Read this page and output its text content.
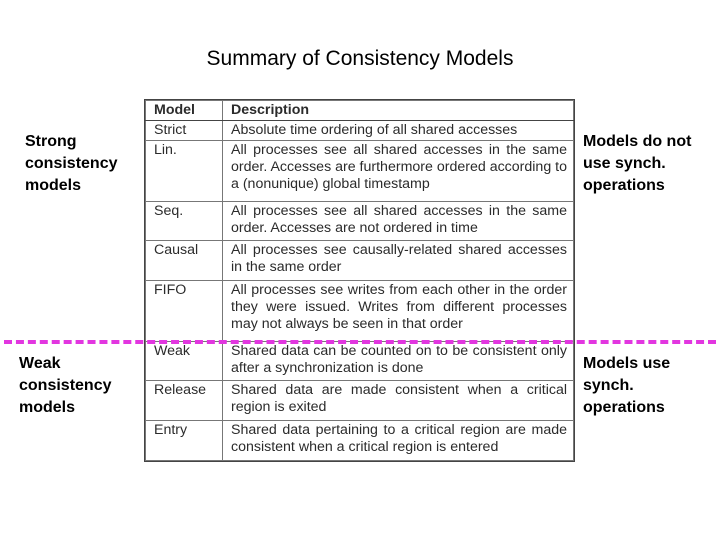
Summary of Consistency Models
Strong
consistency
models
Weak
consistency
models
Models do not
use synch.
operations
Models use
synch.
operations
Model	Description
Strict	Absolute time ordering of all shared accesses
Lin.	All processes see all shared accesses in the same order. Accesses are furthermore ordered according to a (nonunique) global timestamp
Seq.	All processes see all shared accesses in the same order. Accesses are not ordered in time
Causal	All processes see causally-related shared accesses in the same order
FIFO	All processes see writes from each other in the order they were issued. Writes from different processes may not always be seen in that order
Weak	Shared data can be counted on to be consistent only after a synchronization is done
Release	Shared data are made consistent when a critical region is exited
Entry	Shared data pertaining to a critical region are made consistent when a critical region is entered
